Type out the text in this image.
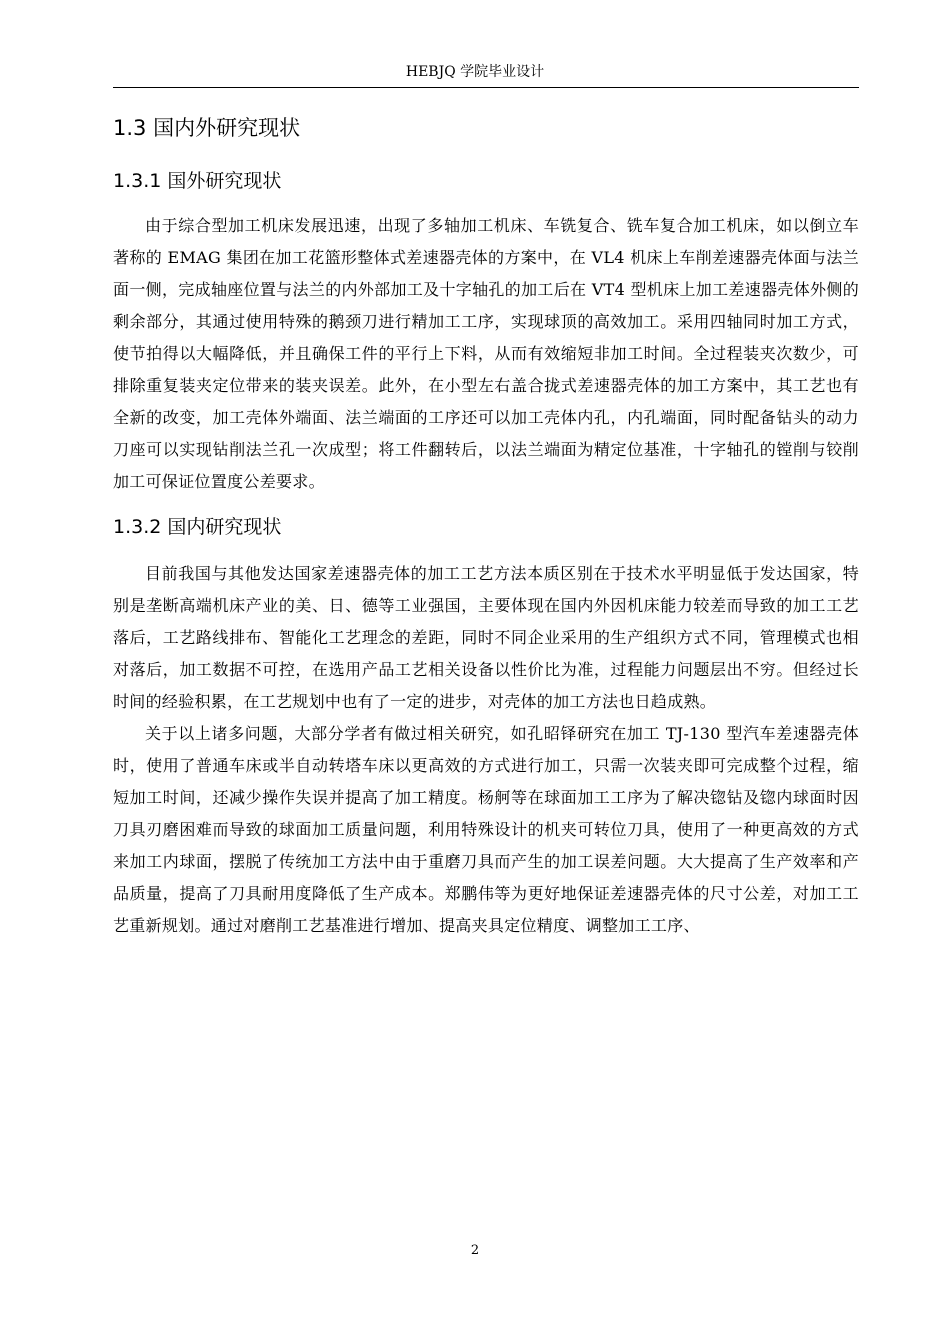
HEBJQ 学院毕业设计
1.3 国内外研究现状
1.3.1 国外研究现状

由于综合型加工机床发展迅速，出现了多轴加工机床、车铣复合、铣车复合加工机床，如以倒立车著称的 EMAG 集团在加工花篮形整体式差速器壳体的方案中，在 VL4 机床上车削差速器壳体面与法兰面一侧，完成轴座位置与法兰的内外部加工及十字轴孔的加工后在 VT4 型机床上加工差速器壳体外侧的剩余部分，其通过使用特殊的鹅颈刀进行精加工工序，实现球顶的高效加工。采用四轴同时加工方式，使节拍得以大幅降低，并且确保工件的平行上下料，从而有效缩短非加工时间。全过程装夹次数少，可排除重复装夹定位带来的装夹误差。此外，在小型左右盖合拢式差速器壳体的加工方案中，其工艺也有全新的改变，加工壳体外端面、法兰端面的工序还可以加工壳体内孔，内孔端面，同时配备钻头的动力刀座可以实现钻削法兰孔一次成型；将工件翻转后，以法兰端面为精定位基准，十字轴孔的镗削与铰削加工可保证位置度公差要求。

1.3.2 国内研究现状

目前我国与其他发达国家差速器壳体的加工工艺方法本质区别在于技术水平明显低于发达国家，特别是垄断高端机床产业的美、日、德等工业强国，主要体现在国内外因机床能力较差而导致的加工工艺落后，工艺路线排布、智能化工艺理念的差距，同时不同企业采用的生产组织方式不同，管理模式也相对落后，加工数据不可控，在选用产品工艺相关设备以性价比为准，过程能力问题层出不穷。但经过长时间的经验积累，在工艺规划中也有了一定的进步，对壳体的加工方法也日趋成熟。

关于以上诸多问题，大部分学者有做过相关研究，如孔昭铎研究在加工 TJ-130 型汽车差速器壳体时，使用了普通车床或半自动转塔车床以更高效的方式进行加工，只需一次装夹即可完成整个过程，缩短加工时间，还减少操作失误并提高了加工精度。杨舸等在球面加工工序为了解决锪钻及锪内球面时因刀具刃磨困难而导致的球面加工质量问题，利用特殊设计的机夹可转位刀具，使用了一种更高效的方式来加工内球面，摆脱了传统加工方法中由于重磨刀具而产生的加工误差问题。大大提高了生产效率和产品质量，提高了刀具耐用度降低了生产成本。郑鹏伟等为更好地保证差速器壳体的尺寸公差，对加工工艺重新规划。通过对磨削工艺基准进行增加、提高夹具定位精度、调整加工工序、

2
